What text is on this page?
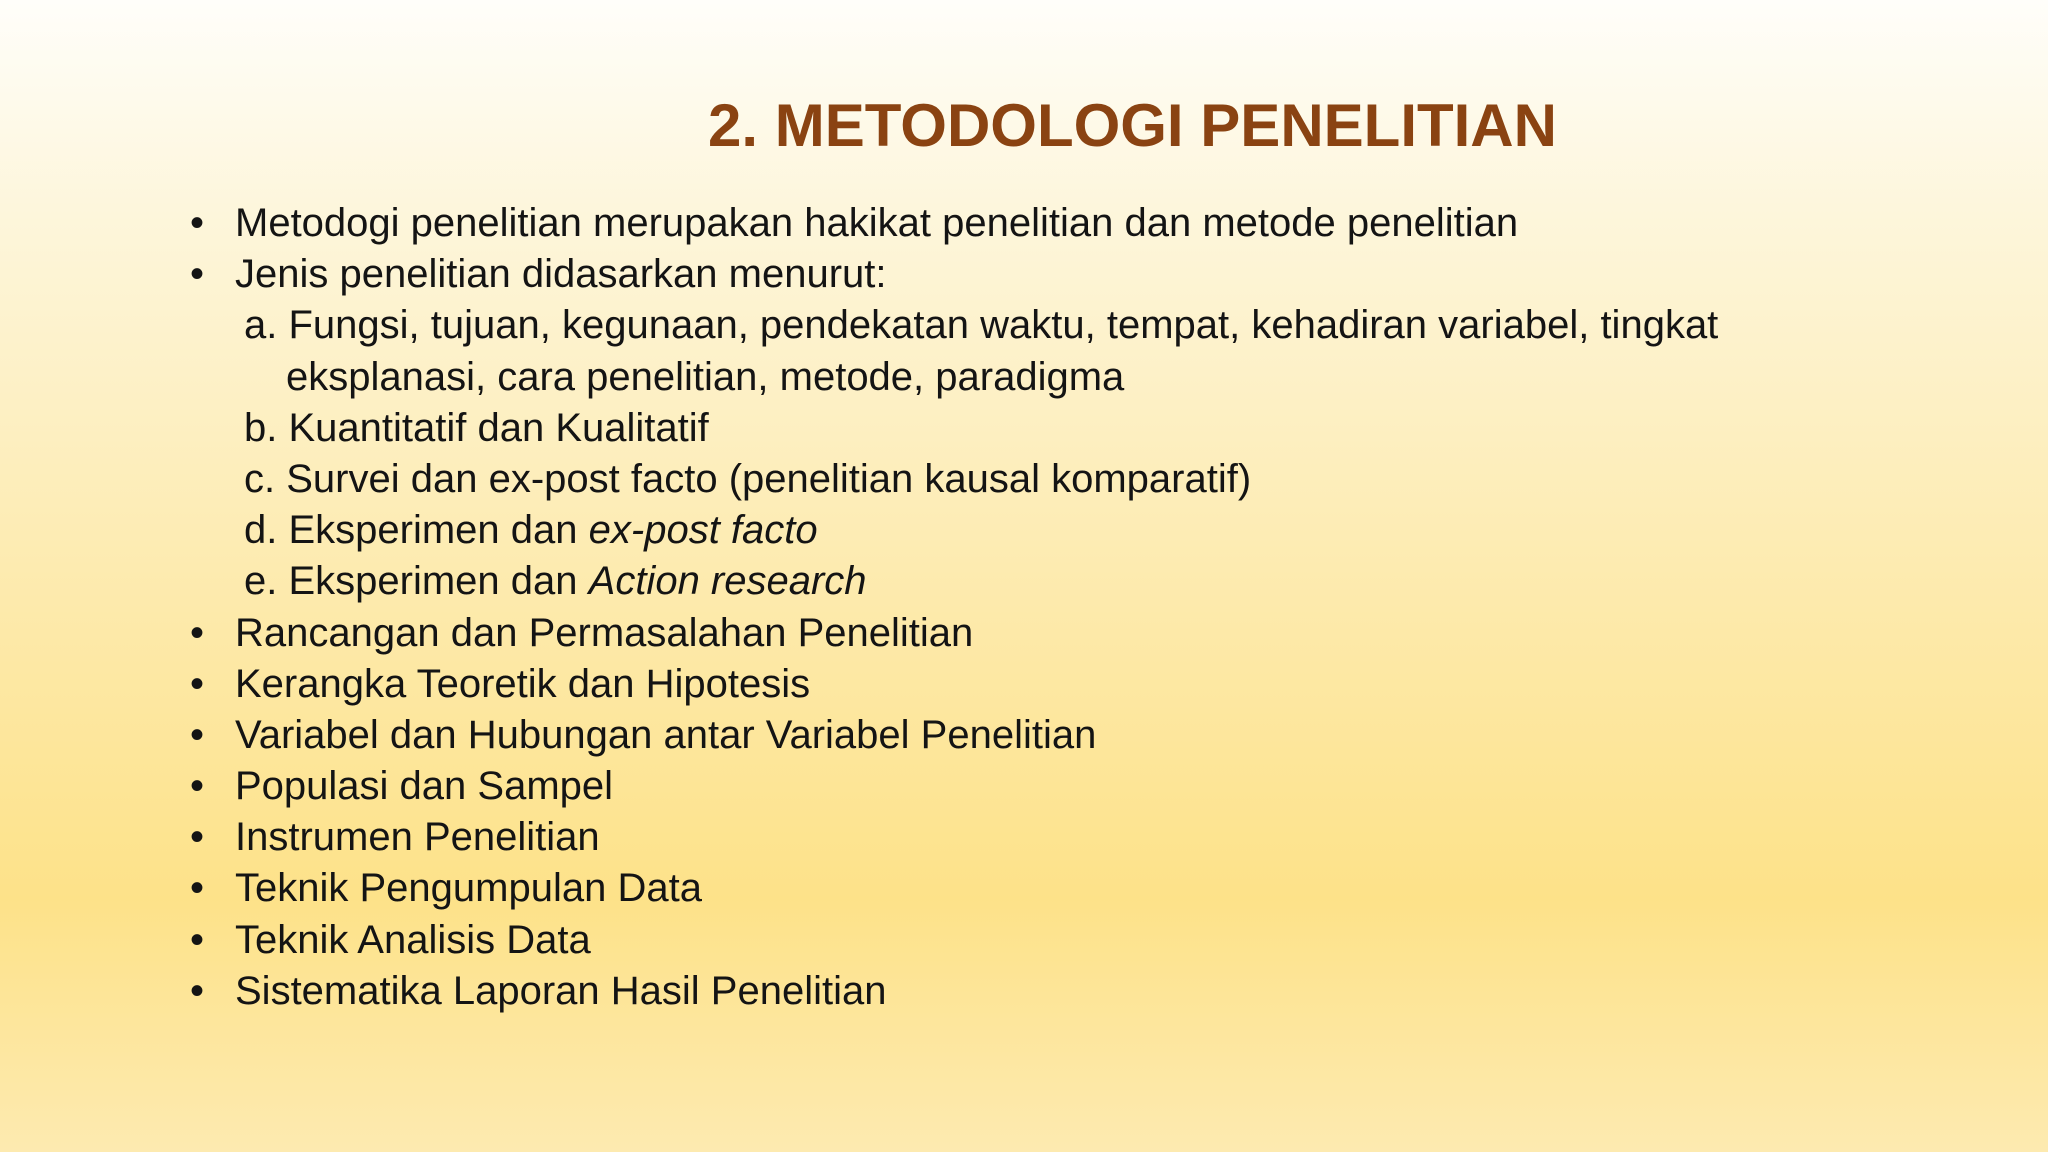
2. METODOLOGI PENELITIAN
• Metodogi penelitian merupakan hakikat penelitian dan metode penelitian
• Jenis penelitian didasarkan menurut:
a. Fungsi, tujuan, kegunaan, pendekatan waktu, tempat, kehadiran variabel, tingkat
eksplanasi, cara penelitian, metode, paradigma
b. Kuantitatif dan Kualitatif
c. Survei dan ex-post facto (penelitian kausal komparatif)
d. Eksperimen dan ex-post facto
e. Eksperimen dan Action research
• Rancangan dan Permasalahan Penelitian
• Kerangka Teoretik dan Hipotesis
• Variabel dan Hubungan antar Variabel Penelitian
• Populasi dan Sampel
• Instrumen Penelitian
• Teknik Pengumpulan Data
• Teknik Analisis Data
• Sistematika Laporan Hasil Penelitian
